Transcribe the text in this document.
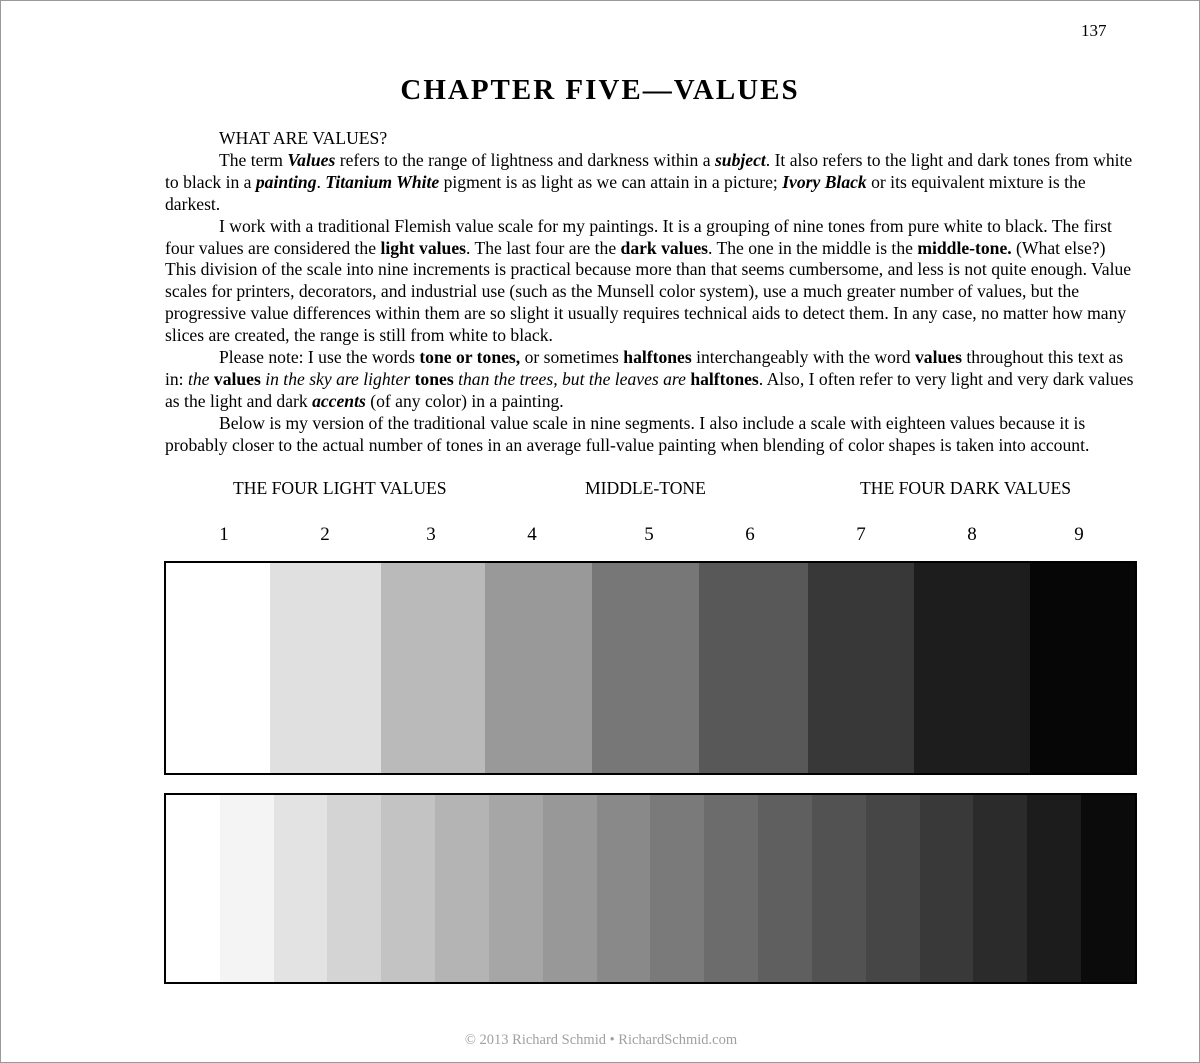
137
CHAPTER FIVE—VALUES

WHAT ARE VALUES?

The term Values refers to the range of lightness and darkness within a subject. It also refers to the light and dark tones from white to black in a painting. Titanium White pigment is as light as we can attain in a picture; Ivory Black or its equivalent mixture is the darkest.

I work with a traditional Flemish value scale for my paintings. It is a grouping of nine tones from pure white to black. The first four values are considered the light values. The last four are the dark values. The one in the middle is the middle-tone. (What else?) This division of the scale into nine increments is practical because more than that seems cumbersome, and less is not quite enough. Value scales for printers, decorators, and industrial use (such as the Munsell color system), use a much greater number of values, but the progressive value differences within them are so slight it usually requires technical aids to detect them. In any case, no matter how many slices are created, the range is still from white to black.

Please note: I use the words tone or tones, or sometimes halftones interchangeably with the word values throughout this text as in: the values in the sky are lighter tones than the trees, but the leaves are halftones. Also, I often refer to very light and very dark values as the light and dark accents (of any color) in a painting.

Below is my version of the traditional value scale in nine segments. I also include a scale with eighteen values because it is probably closer to the actual number of tones in an average full-value painting when blending of color shapes is taken into account.

THE FOUR LIGHT VALUES	MIDDLE-TONE	THE FOUR DARK VALUES
1	2	3	4	5	6	7	8	9
© 2013 Richard Schmid • RichardSchmid.com
